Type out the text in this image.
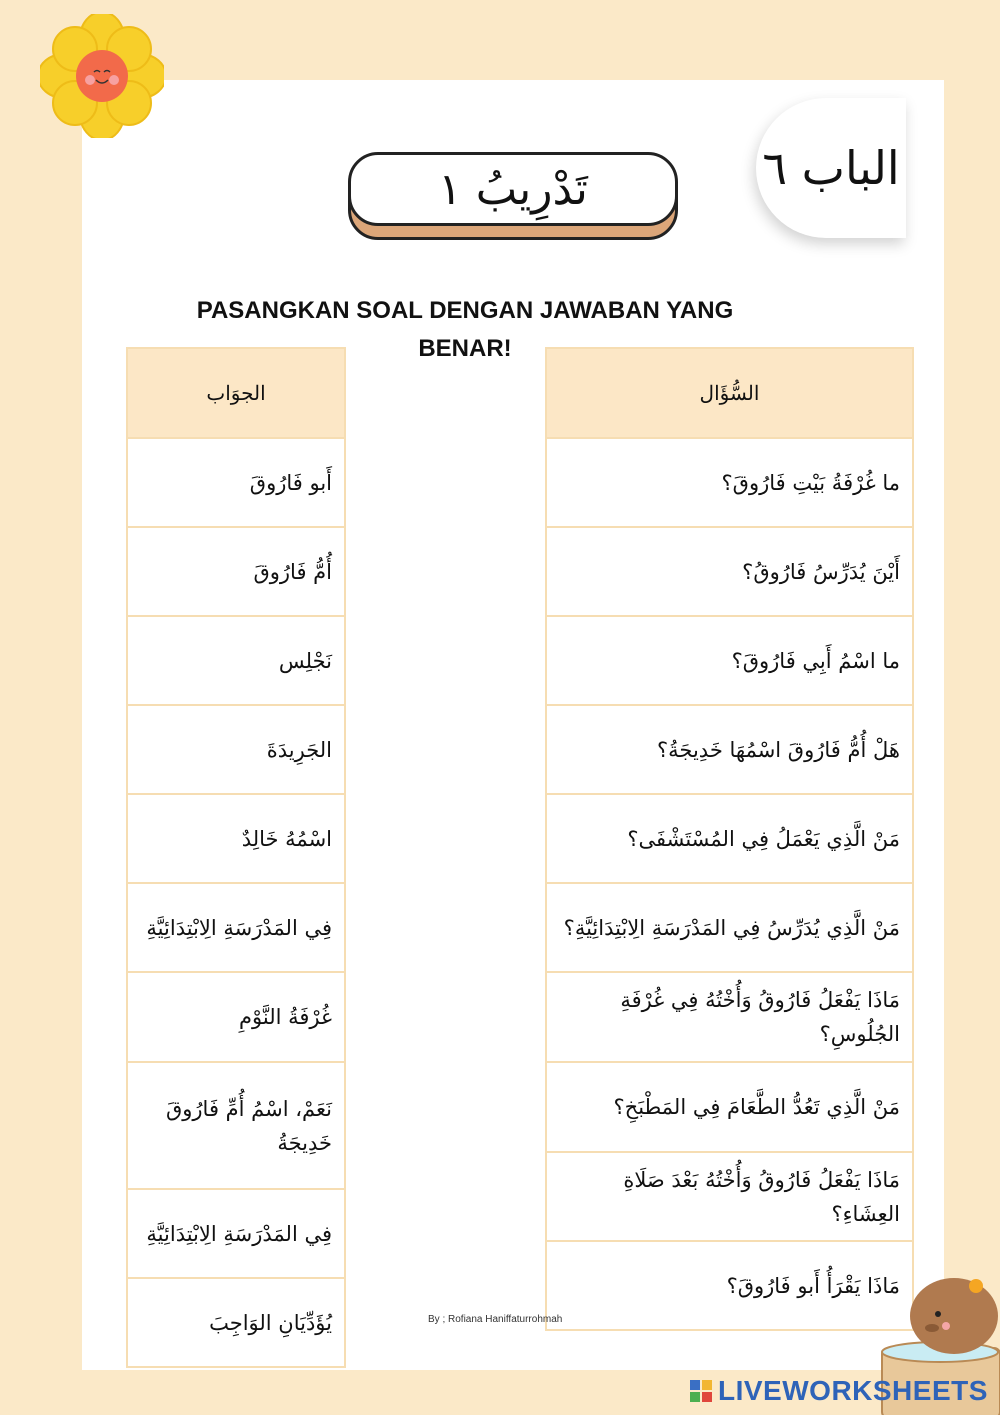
الباب ٦
تَدْرِيبُ ١
PASANGKAN SOAL DENGAN JAWABAN YANG BENAR!
الجوَاب
أَبو فَارُوقَ
أُمُّ فَارُوقَ
نَجْلِس
الجَرِيدَةَ
اسْمُهُ خَالِدٌ
فِي المَدْرَسَةِ الِابْتِدَائِيَّةِ
غُرْفَةُ النَّوْمِ
نَعَمْ، اسْمُ أُمِّ فَارُوقَ خَدِيجَةُ
فِي المَدْرَسَةِ الِابْتِدَائِيَّةِ
يُؤَدِّيَانِ الوَاجِبَ
السُّؤَال
ما غُرْفَةُ بَيْتِ فَارُوقَ؟
أَيْنَ يُدَرِّسُ فَارُوقُ؟
ما اسْمُ أَبِي فَارُوقَ؟
هَلْ أُمُّ فَارُوقَ اسْمُهَا خَدِيجَةُ؟
مَنْ الَّذِي يَعْمَلُ فِي المُسْتَشْفَى؟
مَنْ الَّذِي يُدَرِّسُ فِي المَدْرَسَةِ الِابْتِدَائِيَّةِ؟
مَاذَا يَفْعَلُ فَارُوقُ وَأُخْتُهُ فِي غُرْفَةِ الجُلُوسِ؟
مَنْ الَّذِي تَعُدُّ الطَّعَامَ فِي المَطْبَخِ؟
مَاذَا يَفْعَلُ فَارُوقُ وَأُخْتُهُ بَعْدَ صَلَاةِ العِشَاءِ؟
مَاذَا يَقْرَأُ أَبو فَارُوقَ؟
By ; Rofiana Haniffaturrohmah
LIVEWORKSHEETS
